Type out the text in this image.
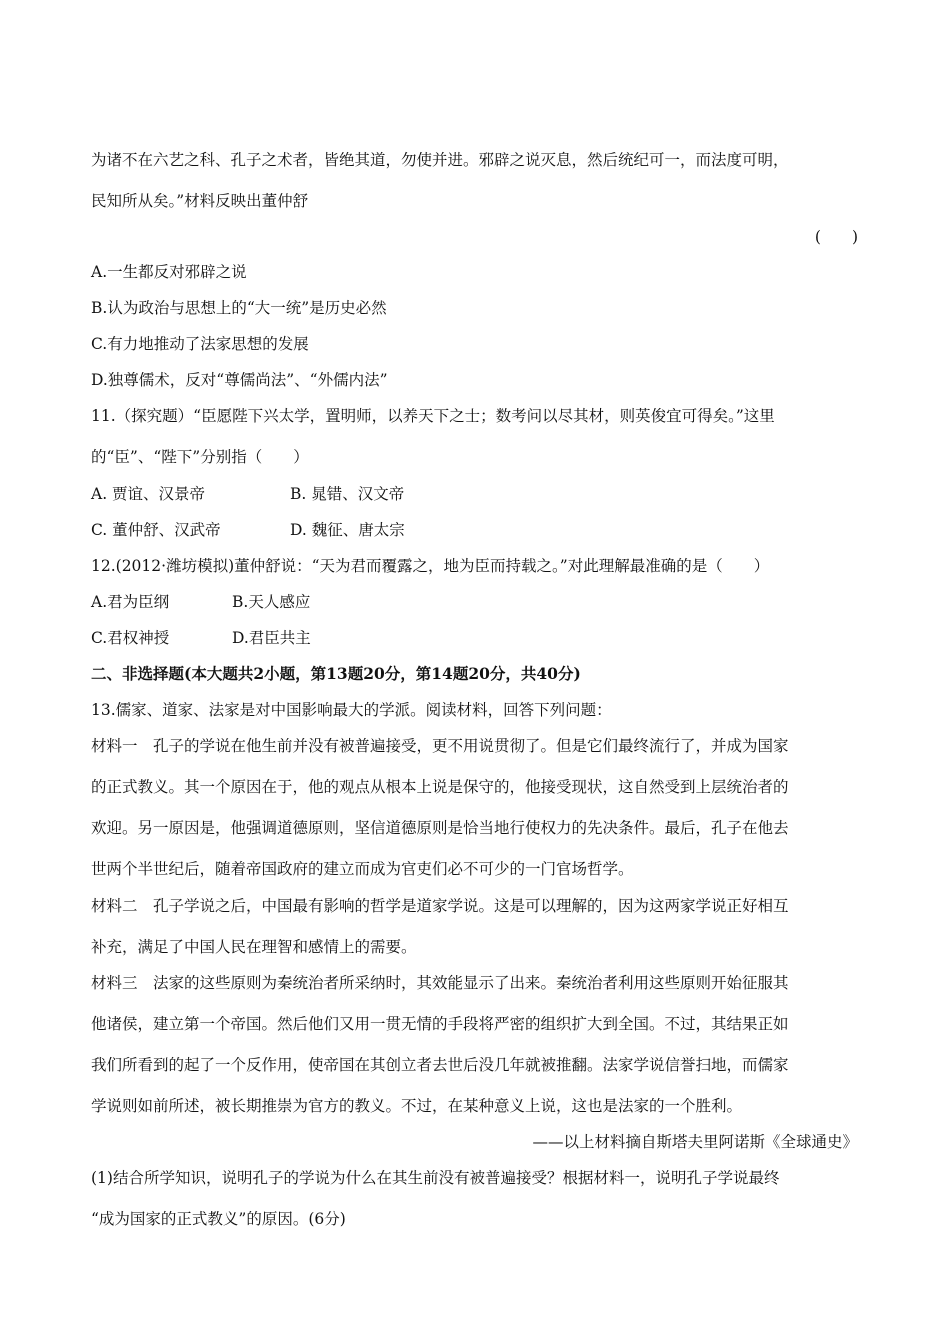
为诸不在六艺之科、孔子之术者，皆绝其道，勿使并进。邪辟之说灭息，然后统纪可一，而法度可明，
民知所从矣。”材料反映出董仲舒
(　　)
A.一生都反对邪辟之说
B.认为政治与思想上的“大一统”是历史必然
C.有力地推动了法家思想的发展
D.独尊儒术，反对“尊儒尚法”、“外儒内法”
11.（探究题）“臣愿陛下兴太学，置明师，以养天下之士；数考问以尽其材，则英俊宜可得矣。”这里
的“臣”、“陛下”分别指（　　）
A. 贾谊、汉景帝	B. 晁错、汉文帝
C. 董仲舒、汉武帝	D. 魏征、唐太宗
12.(2012·潍坊模拟)董仲舒说：“天为君而覆露之，地为臣而持载之。”对此理解最准确的是（　　）
A.君为臣纲	B.天人感应
C.君权神授	D.君臣共主
二、非选择题(本大题共2小题，第13题20分，第14题20分，共40分)
13.儒家、道家、法家是对中国影响最大的学派。阅读材料，回答下列问题：
材料一　孔子的学说在他生前并没有被普遍接受，更不用说贯彻了。但是它们最终流行了，并成为国家
的正式教义。其一个原因在于，他的观点从根本上说是保守的，他接受现状，这自然受到上层统治者的
欢迎。另一原因是，他强调道德原则，坚信道德原则是恰当地行使权力的先决条件。最后，孔子在他去
世两个半世纪后，随着帝国政府的建立而成为官吏们必不可少的一门官场哲学。
材料二　孔子学说之后，中国最有影响的哲学是道家学说。这是可以理解的，因为这两家学说正好相互
补充，满足了中国人民在理智和感情上的需要。
材料三　法家的这些原则为秦统治者所采纳时，其效能显示了出来。秦统治者利用这些原则开始征服其
他诸侯，建立第一个帝国。然后他们又用一贯无情的手段将严密的组织扩大到全国。不过，其结果正如
我们所看到的起了一个反作用，使帝国在其创立者去世后没几年就被推翻。法家学说信誉扫地，而儒家
学说则如前所述，被长期推崇为官方的教义。不过，在某种意义上说，这也是法家的一个胜利。
——以上材料摘自斯塔夫里阿诺斯《全球通史》
(1)结合所学知识，说明孔子的学说为什么在其生前没有被普遍接受？根据材料一，说明孔子学说最终
“成为国家的正式教义”的原因。(6分)
